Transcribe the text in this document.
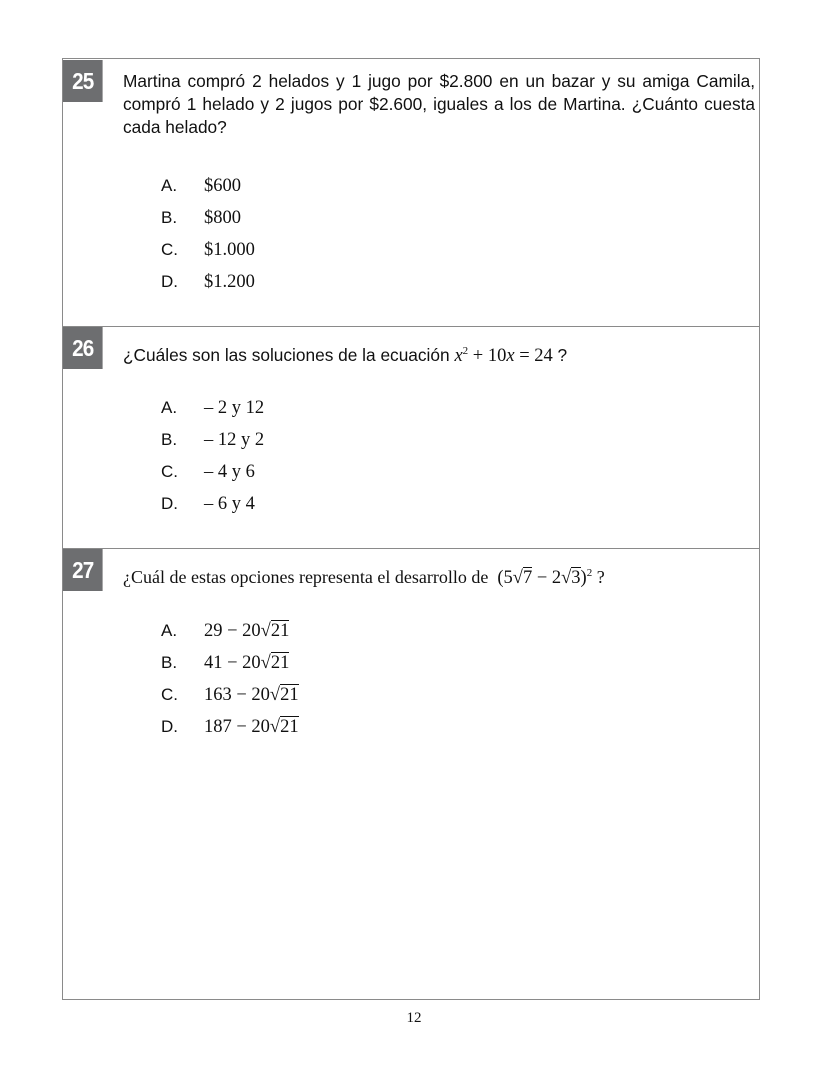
25	Martina compró 2 helados y 1 jugo por $2.800 en un bazar y su amiga Camila, compró 1 helado y 2 jugos por $2.600, iguales a los de Martina. ¿Cuánto cuesta cada helado?
A. $600
B. $800
C. $1.000
D. $1.200
26	¿Cuáles son las soluciones de la ecuación $x^2 + 10x = 24$ ?
A. – 2 y 12
B. – 12 y 2
C. – 4 y 6
D. – 6 y 4
27	¿Cuál de estas opciones representa el desarrollo de $(5√7 - 2√3)^2$ ?
A. 29 − 20√21
B. 41 − 20√21
C. 163 − 20√21
D. 187 − 20√21
12
